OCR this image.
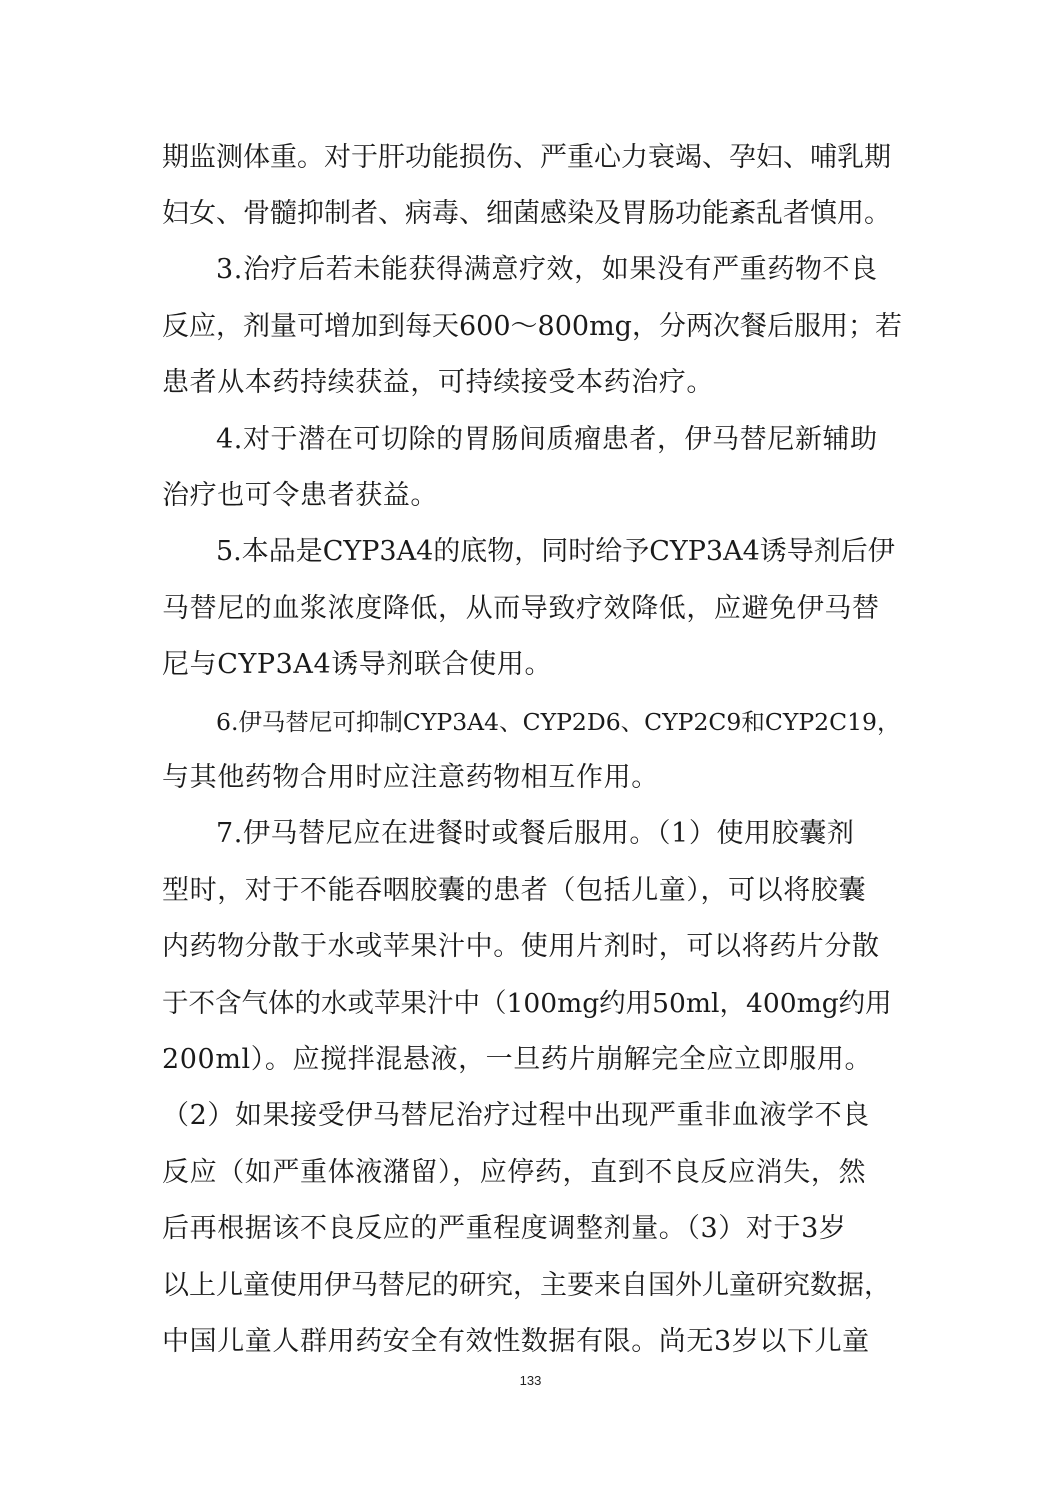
期监测体重。对于肝功能损伤、严重心力衰竭、孕妇、哺乳期
妇女、骨髓抑制者、病毒、细菌感染及胃肠功能紊乱者慎用。
3.治疗后若未能获得满意疗效，如果没有严重药物不良
反应，剂量可增加到每天600～800mg，分两次餐后服用；若
患者从本药持续获益，可持续接受本药治疗。
4.对于潜在可切除的胃肠间质瘤患者，伊马替尼新辅助
治疗也可令患者获益。
5.本品是CYP3A4的底物，同时给予CYP3A4诱导剂后伊
马替尼的血浆浓度降低，从而导致疗效降低，应避免伊马替
尼与CYP3A4诱导剂联合使用。
6.伊马替尼可抑制CYP3A4、CYP2D6、CYP2C9和CYP2C19，
与其他药物合用时应注意药物相互作用。
7.伊马替尼应在进餐时或餐后服用。（1）使用胶囊剂
型时，对于不能吞咽胶囊的患者（包括儿童），可以将胶囊
内药物分散于水或苹果汁中。使用片剂时，可以将药片分散
于不含气体的水或苹果汁中（100mg约用50ml，400mg约用
200ml）。应搅拌混悬液，一旦药片崩解完全应立即服用。
（2）如果接受伊马替尼治疗过程中出现严重非血液学不良
反应（如严重体液潴留），应停药，直到不良反应消失，然
后再根据该不良反应的严重程度调整剂量。（3）对于3岁
以上儿童使用伊马替尼的研究，主要来自国外儿童研究数据，
中国儿童人群用药安全有效性数据有限。尚无3岁以下儿童
133
